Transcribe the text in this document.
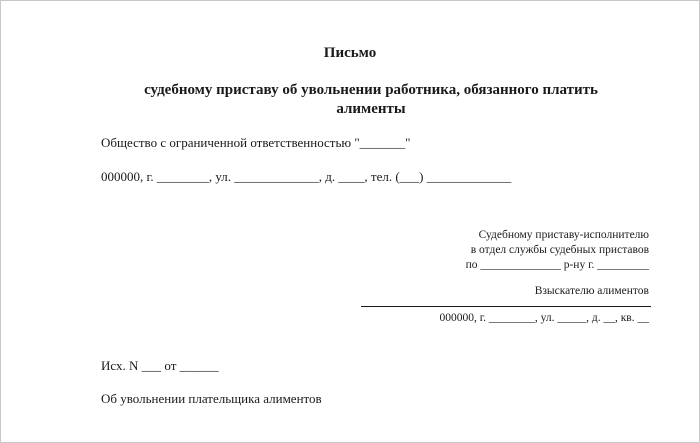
Письмо
судебному приставу об увольнении работника, обязанного платить
алименты
Общество с ограниченной ответственностью "_______"
000000, г. ________, ул. _____________, д. ____, тел. (___) _____________
Судебному приставу-исполнителю
в отдел службы судебных приставов
по ______________ р-ну г. _________
Взыскателю алиментов
000000, г. ________, ул. _____, д. __, кв. __
Исх. N ___ от ______
Об увольнении плательщика алиментов
